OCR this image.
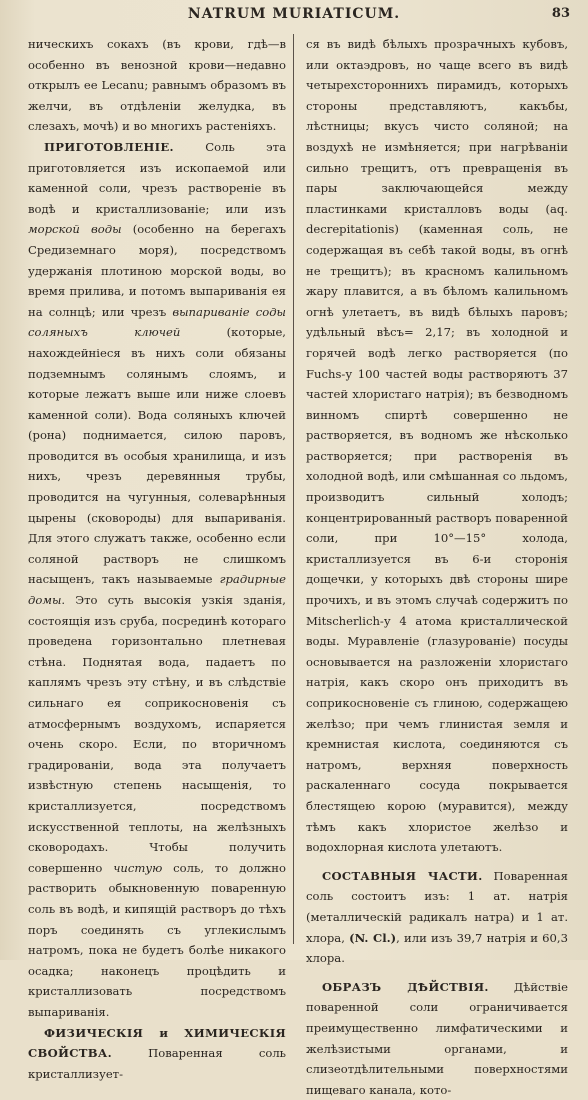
NATRUM MURIATICUM.	83

ническихъ сокахъ (въ крови, гдѣ—в особенно въ венозной крови—недавно открылъ ее Lecanu; равнымъ образомъ въ желчи, въ отдѣленіи желудка, въ слезахъ, мочѣ) и во многихъ растеніяхъ.

ПРИГОТОВЛЕНІЕ. Соль эта приготовляется изъ ископаемой или каменной соли, чрезъ раствореніе въ водѣ и кристаллизованіе; или изъ морской воды (особенно на берегахъ Средиземнаго моря), посредствомъ удержанія плотиною морской воды, во время прилива, и потомъ выпариванія ея на солнцѣ; или чрезъ выпариваніе соды соляныхъ ключей (которые, нахождейніеся въ нихъ соли обязаны подземнымъ солянымъ слоямъ, и которые лежатъ выше или ниже слоевъ каменной соли). Вода соляныхъ ключей (рона) поднимается, силою паровъ, проводится въ особыя хранилища, и изъ нихъ, чрезъ деревянныя трубы, проводится на чугунныя, солеварѣнныя цырены (сковороды) для выпариванія. Для этого служатъ также, особенно если соляной растворъ не слишкомъ насыщенъ, такъ называемые градирные домы. Это суть высокія узкія зданія, состоящія изъ сруба, посрединѣ котораго проведена горизонтально плетневая стѣна. Поднятая вода, падаетъ по каплямъ чрезъ эту стѣну, и въ слѣдствіе сильнаго ея соприкосновенія съ атмосфернымъ воздухомъ, испаряется очень скоро. Если, по вторичномъ градированіи, вода эта получаетъ извѣстную степень насыщенія, то кристаллизуется, посредствомъ искусственной теплоты, на желѣзныхъ сковородахъ. Чтобы получить совершенно чистую соль, то должно растворить обыкновенную поваренную соль въ водѣ, и кипящій растворъ до тѣхъ поръ соединять съ углекислымъ натромъ, пока не будетъ болѣе никакого осадка; наконецъ процѣдить и кристаллизовать посредствомъ выпариванія.

ФИЗИЧЕСКІЯ и ХИМИЧЕСКІЯ СВОЙСТВА. Поваренная соль кристаллизует-

ся въ видѣ бѣлыхъ прозрачныхъ кубовъ, или октаэдровъ, но чаще всего въ видѣ четырехстороннихъ пирамидъ, которыхъ стороны представляютъ, какъбы, лѣстницы; вкусъ чисто соляной; на воздухѣ не измѣняется; при нагрѣваніи сильно трещитъ, отъ превращенія въ пары заключающейся между пластинками кристалловъ воды (aq. decrepitationis) (каменная соль, не содержащая въ себѣ такой воды, въ огнѣ не трещитъ); въ красномъ калильномъ жару плавится, а въ бѣломъ калильномъ огнѣ улетаетъ, въ видѣ бѣлыхъ паровъ; удѣльный вѣсъ= 2,17; въ холодной и горячей водѣ легко растворяется (по Fuchs-у 100 частей воды растворяютъ 37 частей хлористаго натрія); въ безводномъ винномъ спиртѣ совершенно не растворяется, въ водномъ же нѣсколько растворяется; при растворенія въ холодной водѣ, или смѣшанная со льдомъ, производитъ сильный холодъ; концентрированный растворъ поваренной соли, при 10°—15° холода, кристаллизуется въ 6-и сторонія дощечки, у которыхъ двѣ стороны шире прочихъ, и въ этомъ случаѣ содержитъ по Mitscherlich-у 4 атома кристаллической воды. Муравленіе (глазурованіе) посуды основывается на разложеніи хлористаго натрія, какъ скоро онъ приходитъ въ соприкосновеніе съ глиною, содержащею желѣзо; при чемъ глинистая земля и кремнистая кислота, соединяются съ натромъ, верхняя поверхность раскаленнаго сосуда покрывается блестящею корою (муравится), между тѣмъ какъ хлористое желѣзо и водохлорная кислота улетаютъ.

СОСТАВНЫЯ ЧАСТИ. Поваренная соль состоитъ изъ: 1 ат. натрія (металлическій радикалъ натра) и 1 ат. хлора, (N. Cl.), или изъ 39,7 натрія и 60,3 хлора.

ОБРАЗЪ ДѢЙСТВІЯ. Дѣйствіе поваренной соли ограничивается преимущественно лимфатическими и желѣзистыми органами, и слизеотдѣлительными поверхностями пищеваго канала, кото-
